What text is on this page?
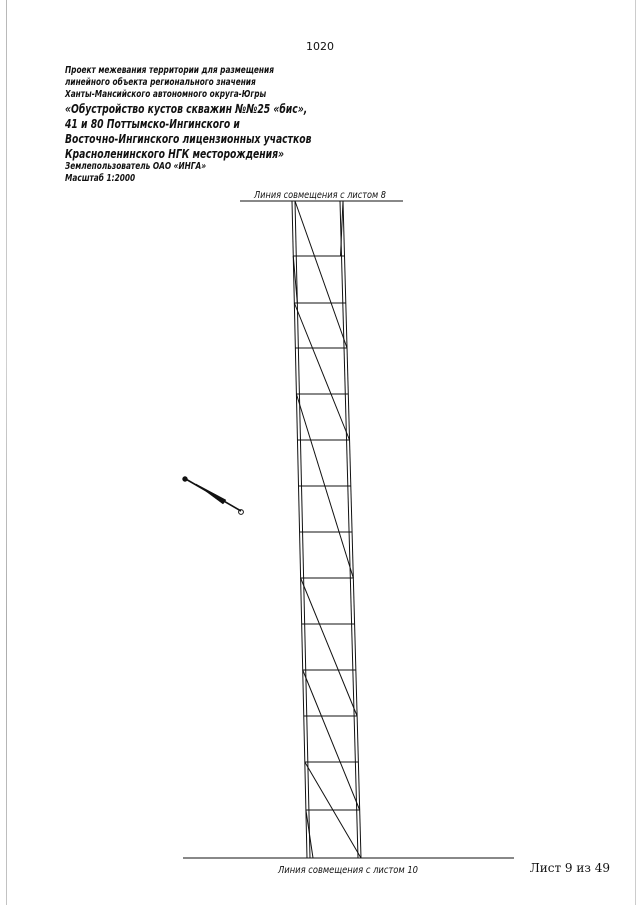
1020
Проект межевания территории для размещения
линейного объекта регионального значения
Ханты-Мансийского автономного округа-Югры
«Обустройство кустов скважин №№25 «бис»,
41 и 80 Поттымско-Ингинского и
Восточно-Ингинского лицензионных участков
Красноленинского НГК месторождения»
Землепользователь ОАО «ИНГА»
Масштаб 1:2000
Линия совмещения с листом 8
Линия совмещения с листом 10	Лист 9 из 49
